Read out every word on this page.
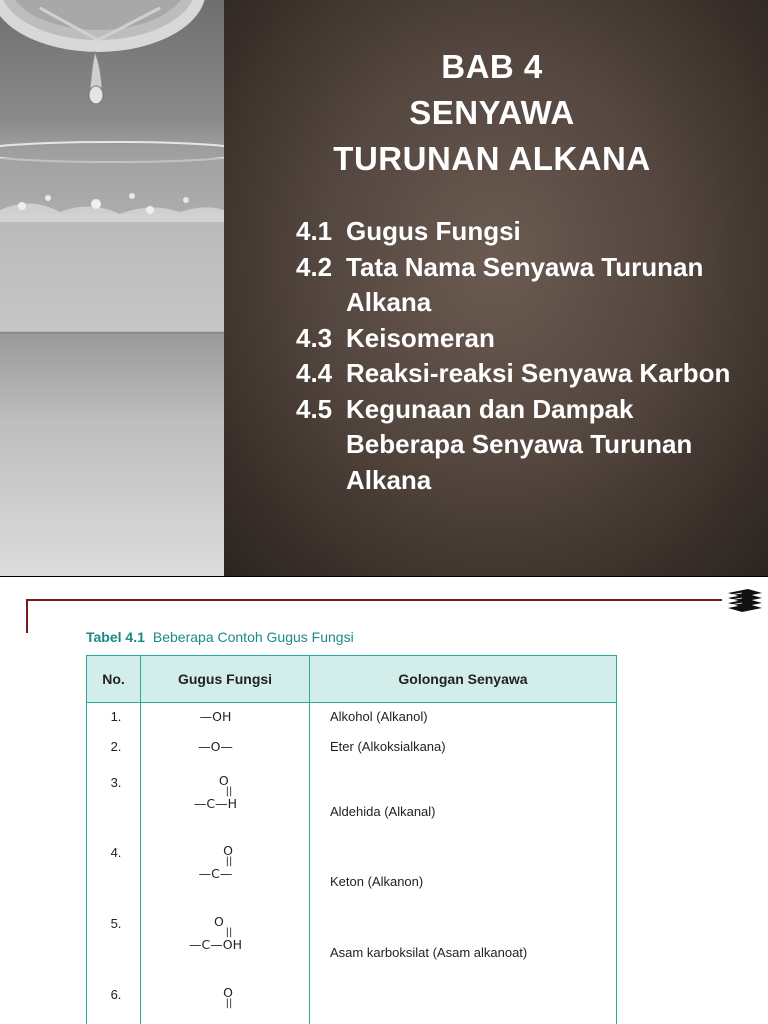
BAB 4
SENYAWA
TURUNAN ALKANA
4.1 Gugus Fungsi
4.2 Tata Nama Senyawa Turunan Alkana
4.3 Keisomeran
4.4 Reaksi-reaksi Senyawa Karbon
4.5 Kegunaan dan Dampak Beberapa Senyawa Turunan Alkana
Tabel 4.1 Beberapa Contoh Gugus Fungsi
No.	Gugus Fungsi	Golongan Senyawa
1.	—OH	Alkohol (Alkanol)
2.	—O—	Eter (Alkoksialkana)
3.	O
||
—C—H	Aldehida (Alkanal)
4.	O
||
—C—	Keton (Alkanon)
5.	O
||
—C—OH	Asam karboksilat (Asam alkanoat)
6.	O
||	
